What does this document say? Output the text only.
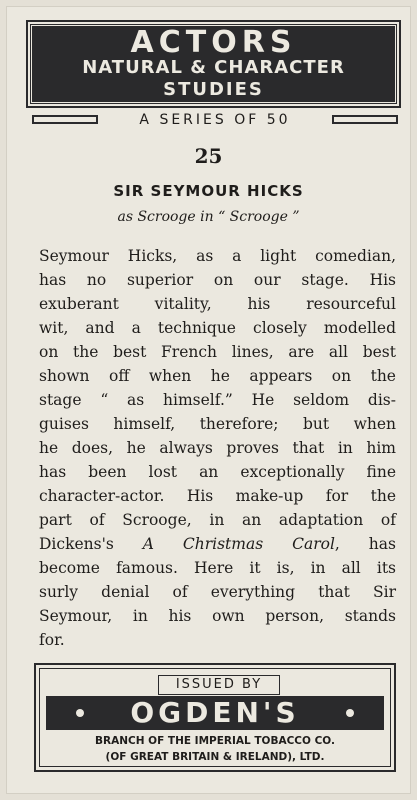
ACTORS
NATURAL & CHARACTER
STUDIES
A SERIES OF 50
25
SIR SEYMOUR HICKS
as Scrooge in “ Scrooge ”
Seymour Hicks, as a light comedian,
has no superior on our stage. His
exuberant vitality, his resourceful
wit, and a technique closely modelled
on the best French lines, are all best
shown off when he appears on the
stage “ as himself.” He seldom dis-
guises himself, therefore; but when
he does, he always proves that in him
has been lost an exceptionally fine
character-actor. His make-up for the
part of Scrooge, in an adaptation of
Dickens's A Christmas Carol, has
become famous. Here it is, in all its
surly denial of everything that Sir
Seymour, in his own person, stands
for.
ISSUED BY
OGDEN'S
BRANCH OF THE IMPERIAL TOBACCO CO.
(OF GREAT BRITAIN & IRELAND), LTD.
